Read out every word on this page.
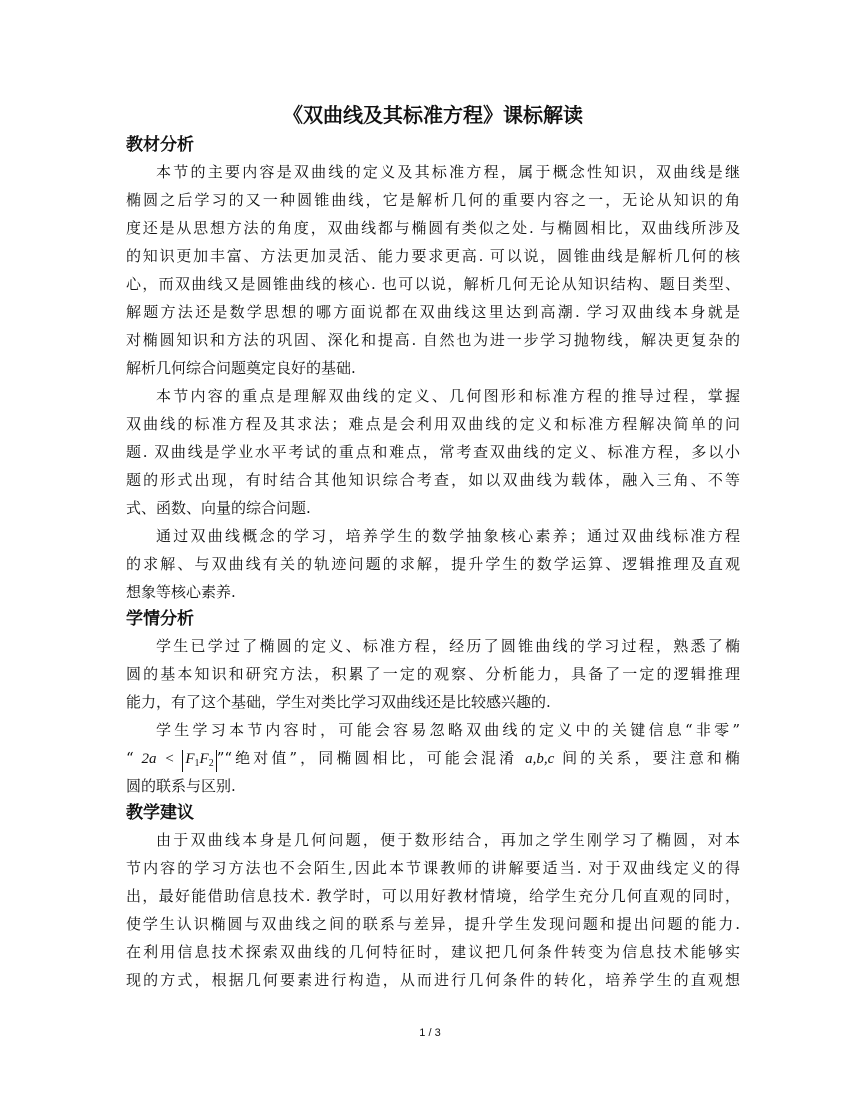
《双曲线及其标准方程》课标解读
教材分析
本节的主要内容是双曲线的定义及其标准方程，属于概念性知识，双曲线是继
椭圆之后学习的又一种圆锥曲线，它是解析几何的重要内容之一，无论从知识的角
度还是从思想方法的角度，双曲线都与椭圆有类似之处. 与椭圆相比，双曲线所涉及
的知识更加丰富、方法更加灵活、能力要求更高. 可以说，圆锥曲线是解析几何的核
心，而双曲线又是圆锥曲线的核心. 也可以说，解析几何无论从知识结构、题目类型、
解题方法还是数学思想的哪方面说都在双曲线这里达到高潮. 学习双曲线本身就是
对椭圆知识和方法的巩固、深化和提高. 自然也为进一步学习抛物线，解决更复杂的
解析几何综合问题奠定良好的基础.
本节内容的重点是理解双曲线的定义、几何图形和标准方程的推导过程，掌握
双曲线的标准方程及其求法；难点是会利用双曲线的定义和标准方程解决简单的问
题. 双曲线是学业水平考试的重点和难点，常考查双曲线的定义、标准方程，多以小
题的形式出现，有时结合其他知识综合考查，如以双曲线为载体，融入三角、不等
式、函数、向量的综合问题.
通过双曲线概念的学习，培养学生的数学抽象核心素养；通过双曲线标准方程
的求解、与双曲线有关的轨迹问题的求解，提升学生的数学运算、逻辑推理及直观
想象等核心素养.
学情分析
学生已学过了椭圆的定义、标准方程，经历了圆锥曲线的学习过程，熟悉了椭
圆的基本知识和研究方法，积累了一定的观察、分析能力，具备了一定的逻辑推理
能力，有了这个基础，学生对类比学习双曲线还是比较感兴趣的.
学生学习本节内容时，可能会容易忽略双曲线的定义中的关键信息“非零”
“ $2a < F_1F_2$ ”“绝对值”，同椭圆相比，可能会混淆 a,b,c 间的关系，要注意和椭
圆的联系与区别.
教学建议
由于双曲线本身是几何问题，便于数形结合，再加之学生刚学习了椭圆，对本
节内容的学习方法也不会陌生,因此本节课教师的讲解要适当. 对于双曲线定义的得
出，最好能借助信息技术. 教学时，可以用好教材情境，给学生充分几何直观的同时，
使学生认识椭圆与双曲线之间的联系与差异，提升学生发现问题和提出问题的能力.
在利用信息技术探索双曲线的几何特征时，建议把几何条件转变为信息技术能够实
现的方式，根据几何要素进行构造，从而进行几何条件的转化，培养学生的直观想
1 / 3
